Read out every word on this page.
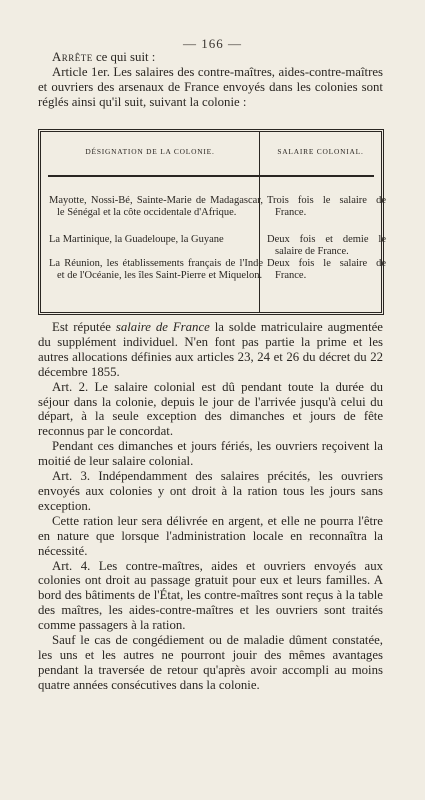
— 166 —

Arrête ce qui suit :

Article 1er. Les salaires des contre-maîtres, aides-contre-maîtres et ouvriers des arsenaux de France envoyés dans les colonies sont réglés ainsi qu'il suit, suivant la colonie :

DÉSIGNATION DE LA COLONIE.	SALAIRE COLONIAL.
Mayotte, Nossi-Bé, Sainte-Marie de Madagascar, le Sénégal et la côte occidentale d'Afrique.
Trois fois le salaire de France.
La Martinique, la Guadeloupe, la Guyane	Deux fois et demie le salaire de France.
La Réunion, les établissements français de l'Inde et de l'Océanie, les îles Saint-Pierre et Miquelon.
Deux fois le salaire de France.

Est réputée salaire de France la solde matriculaire augmentée du supplément individuel. N'en font pas partie la prime et les autres allocations définies aux articles 23, 24 et 26 du décret du 22 décembre 1855.

Art. 2. Le salaire colonial est dû pendant toute la durée du séjour dans la colonie, depuis le jour de l'arrivée jusqu'à celui du départ, à la seule exception des dimanches et jours de fête reconnus par le concordat.

Pendant ces dimanches et jours fériés, les ouvriers reçoivent la moitié de leur salaire colonial.

Art. 3. Indépendamment des salaires précités, les ouvriers envoyés aux colonies y ont droit à la ration tous les jours sans exception.

Cette ration leur sera délivrée en argent, et elle ne pourra l'être en nature que lorsque l'administration locale en reconnaîtra la nécessité.

Art. 4. Les contre-maîtres, aides et ouvriers envoyés aux colonies ont droit au passage gratuit pour eux et leurs familles. A bord des bâtiments de l'État, les contre-maîtres sont reçus à la table des maîtres, les aides-contre-maîtres et les ouvriers sont traités comme passagers à la ration.

Sauf le cas de congédiement ou de maladie dûment constatée, les uns et les autres ne pourront jouir des mêmes avantages pendant la traversée de retour qu'après avoir accompli au moins quatre années consécutives dans la colonie.
